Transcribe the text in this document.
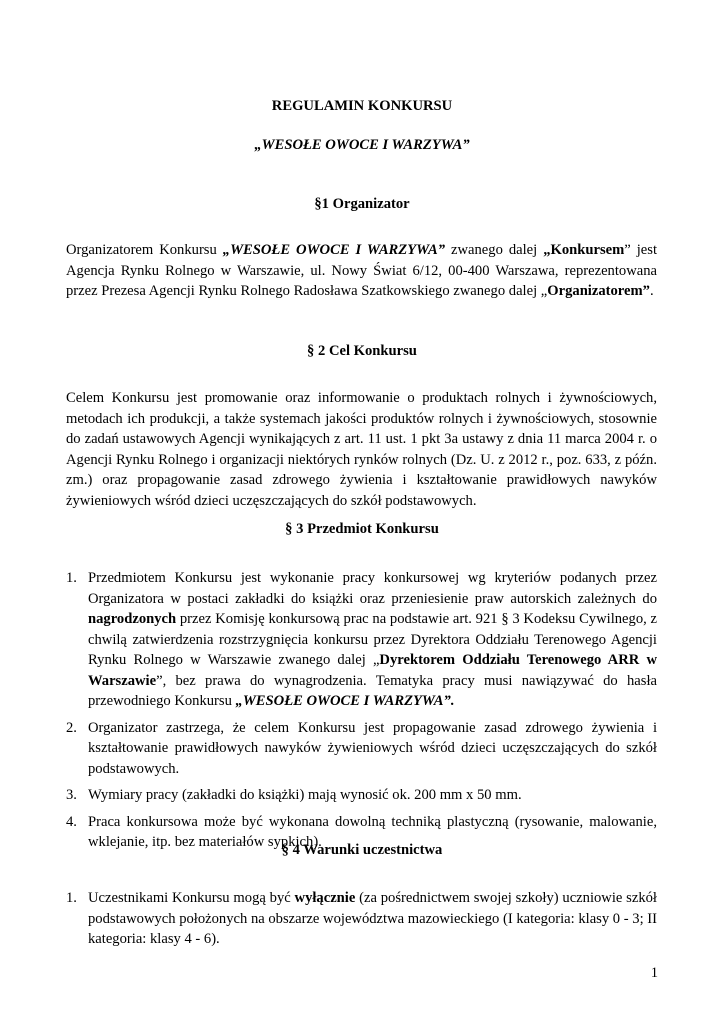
REGULAMIN KONKURSU
„WESOŁE OWOCE I WARZYWA”
§1 Organizator

Organizatorem Konkursu „WESOŁE OWOCE I WARZYWA” zwanego dalej „Konkursem” jest Agencja Rynku Rolnego w Warszawie, ul. Nowy Świat 6/12, 00-400 Warszawa, reprezentowana przez Prezesa Agencji Rynku Rolnego Radosława Szatkowskiego zwanego dalej „Organizatorem”.

§ 2 Cel Konkursu

Celem Konkursu jest promowanie oraz informowanie o produktach rolnych i żywnościowych, metodach ich produkcji, a także systemach jakości produktów rolnych i żywnościowych, stosownie do zadań ustawowych Agencji wynikających z art. 11 ust. 1 pkt 3a ustawy z dnia 11 marca 2004 r. o Agencji Rynku Rolnego i organizacji niektórych rynków rolnych (Dz. U. z 2012 r., poz. 633, z późn. zm.) oraz propagowanie zasad zdrowego żywienia i kształtowanie prawidłowych nawyków żywieniowych wśród dzieci uczęszczających do szkół podstawowych.

§ 3 Przedmiot Konkursu
1. Przedmiotem Konkursu jest wykonanie pracy konkursowej wg kryteriów podanych przez Organizatora w postaci zakładki do książki oraz przeniesienie praw autorskich zależnych do nagrodzonych przez Komisję konkursową prac na podstawie art. 921 § 3 Kodeksu Cywilnego, z chwilą zatwierdzenia rozstrzygnięcia konkursu przez Dyrektora Oddziału Terenowego Agencji Rynku Rolnego w Warszawie zwanego dalej „Dyrektorem Oddziału Terenowego ARR w Warszawie”, bez prawa do wynagrodzenia. Tematyka pracy musi nawiązywać do hasła przewodniego Konkursu „WESOŁE OWOCE I WARZYWA”.
2. Organizator zastrzega, że celem Konkursu jest propagowanie zasad zdrowego żywienia i kształtowanie prawidłowych nawyków żywieniowych wśród dzieci uczęszczających do szkół podstawowych.
3. Wymiary pracy (zakładki do książki) mają wynosić ok. 200 mm x 50 mm.
4. Praca konkursowa może być wykonana dowolną techniką plastyczną (rysowanie, malowanie, wklejanie, itp. bez materiałów sypkich).
§ 4 Warunki uczestnictwa
1. Uczestnikami Konkursu mogą być wyłącznie (za pośrednictwem swojej szkoły) uczniowie szkół podstawowych położonych na obszarze województwa mazowieckiego (I kategoria: klasy 0 - 3; II kategoria: klasy 4 - 6).
1
